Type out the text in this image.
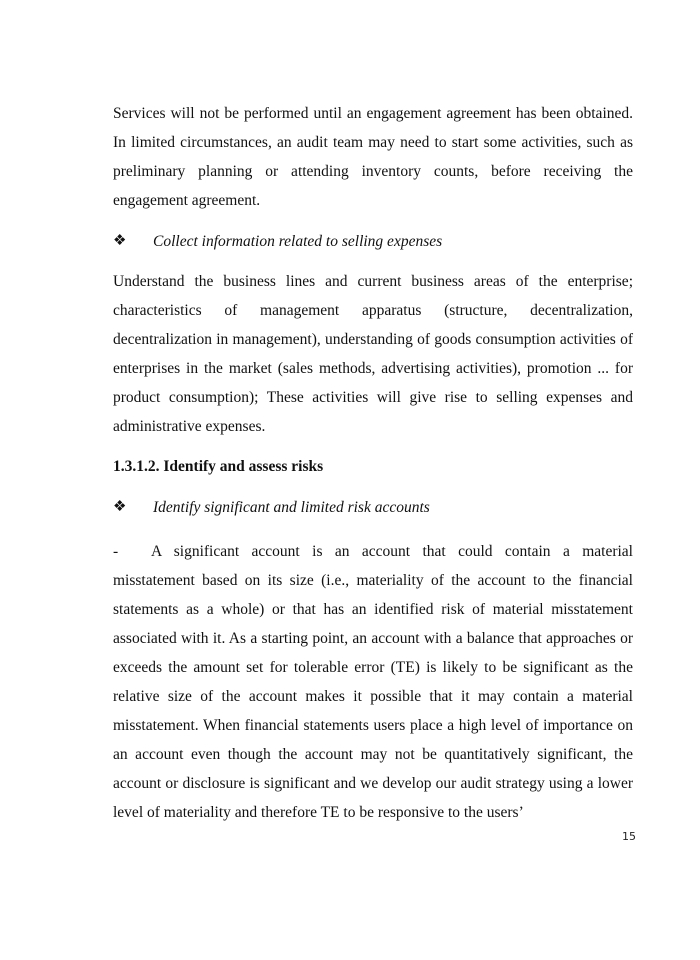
Services will not be performed until an engagement agreement has been obtained. In limited circumstances, an audit team may need to start some activities, such as preliminary planning or attending inventory counts, before receiving the engagement agreement.

❖	Collect information related to selling expenses

Understand the business lines and current business areas of the enterprise; characteristics of management apparatus (structure, decentralization, decentralization in management), understanding of goods consumption activities of enterprises in the market (sales methods, advertising activities), promotion ... for product consumption); These activities will give rise to selling expenses and administrative expenses.

1.3.1.2. Identify and assess risks
❖	Identify significant and limited risk accounts

- A significant account is an account that could contain a material misstatement based on its size (i.e., materiality of the account to the financial statements as a whole) or that has an identified risk of material misstatement associated with it. As a starting point, an account with a balance that approaches or exceeds the amount set for tolerable error (TE) is likely to be significant as the relative size of the account makes it possible that it may contain a material misstatement. When financial statements users place a high level of importance on an account even though the account may not be quantitatively significant, the account or disclosure is significant and we develop our audit strategy using a lower level of materiality and therefore TE to be responsive to the users’

15
